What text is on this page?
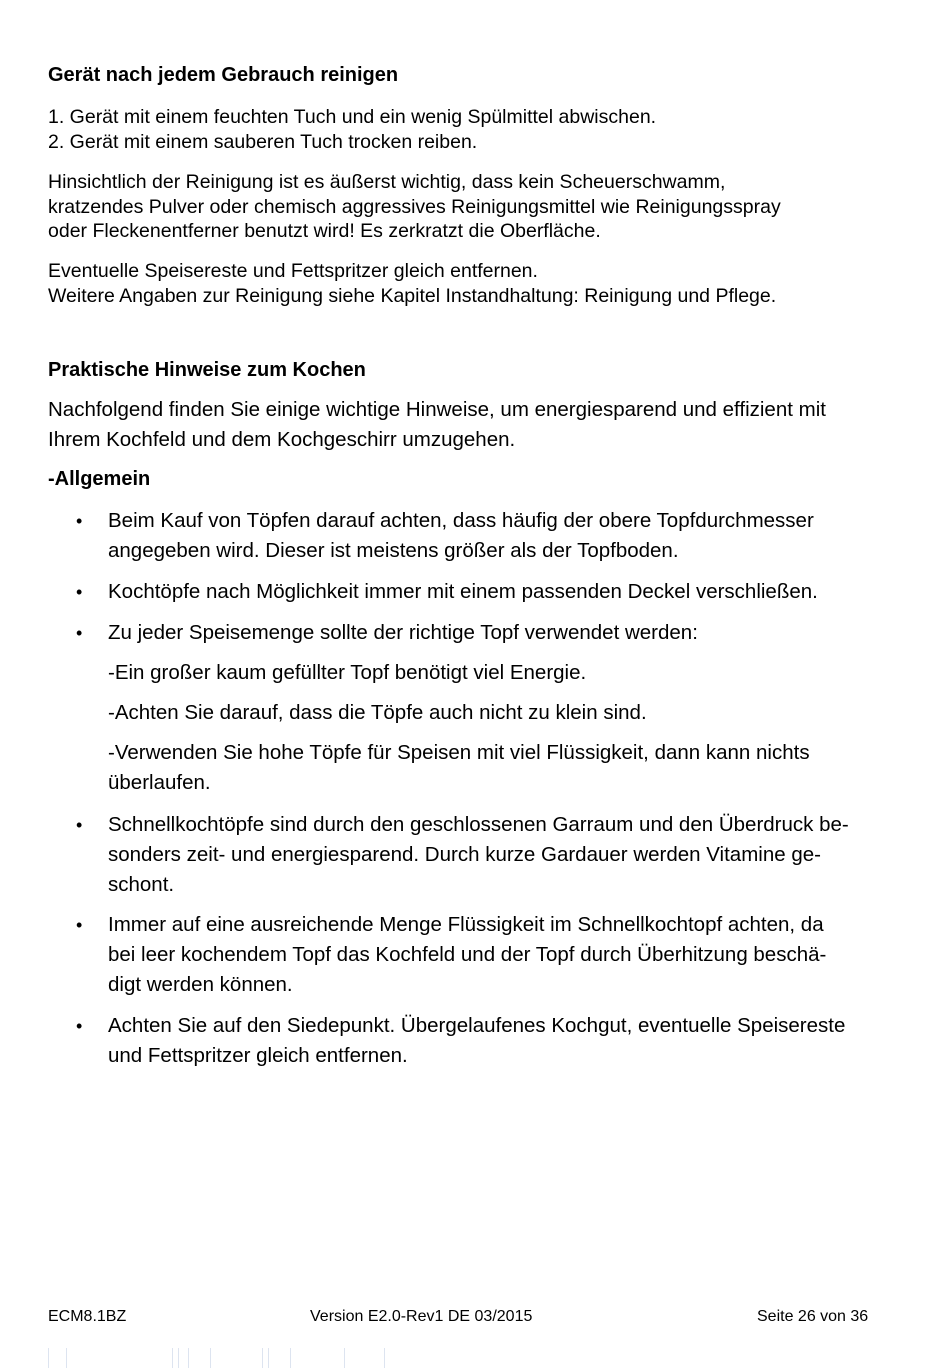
Gerät nach jedem Gebrauch reinigen
1. Gerät mit einem feuchten Tuch und ein wenig Spülmittel abwischen.
2. Gerät mit einem sauberen Tuch trocken reiben.
Hinsichtlich der Reinigung ist es äußerst wichtig, dass kein Scheuerschwamm,
kratzendes Pulver oder chemisch aggressives Reinigungsmittel wie Reinigungsspray
oder Fleckenentferner benutzt wird! Es zerkratzt die Oberfläche.
Eventuelle Speisereste und Fettspritzer gleich entfernen.
Weitere Angaben zur Reinigung siehe Kapitel Instandhaltung: Reinigung und Pflege.
Praktische Hinweise zum Kochen
Nachfolgend finden Sie einige wichtige Hinweise, um energiesparend und effizient mit
Ihrem Kochfeld und dem Kochgeschirr umzugehen.
-Allgemein
• Beim Kauf von Töpfen darauf achten, dass häufig der obere Topfdurchmesser
angegeben wird. Dieser ist meistens größer als der Topfboden.
• Kochtöpfe nach Möglichkeit immer mit einem passenden Deckel verschließen.
• Zu jeder Speisemenge sollte der richtige Topf verwendet werden:
-Ein großer kaum gefüllter Topf benötigt viel Energie.
-Achten Sie darauf, dass die Töpfe auch nicht zu klein sind.
-Verwenden Sie hohe Töpfe für Speisen mit viel Flüssigkeit, dann kann nichts
überlaufen.
• Schnellkochtöpfe sind durch den geschlossenen Garraum und den Überdruck be-
sonders zeit- und energiesparend. Durch kurze Gardauer werden Vitamine ge-
schont.
• Immer auf eine ausreichende Menge Flüssigkeit im Schnellkochtopf achten, da
bei leer kochendem Topf das Kochfeld und der Topf durch Überhitzung beschä-
digt werden können.
• Achten Sie auf den Siedepunkt. Übergelaufenes Kochgut, eventuelle Speisereste
und Fettspritzer gleich entfernen.
ECM8.1BZ	Version E2.0-Rev1 DE 03/2015	Seite 26 von 36
